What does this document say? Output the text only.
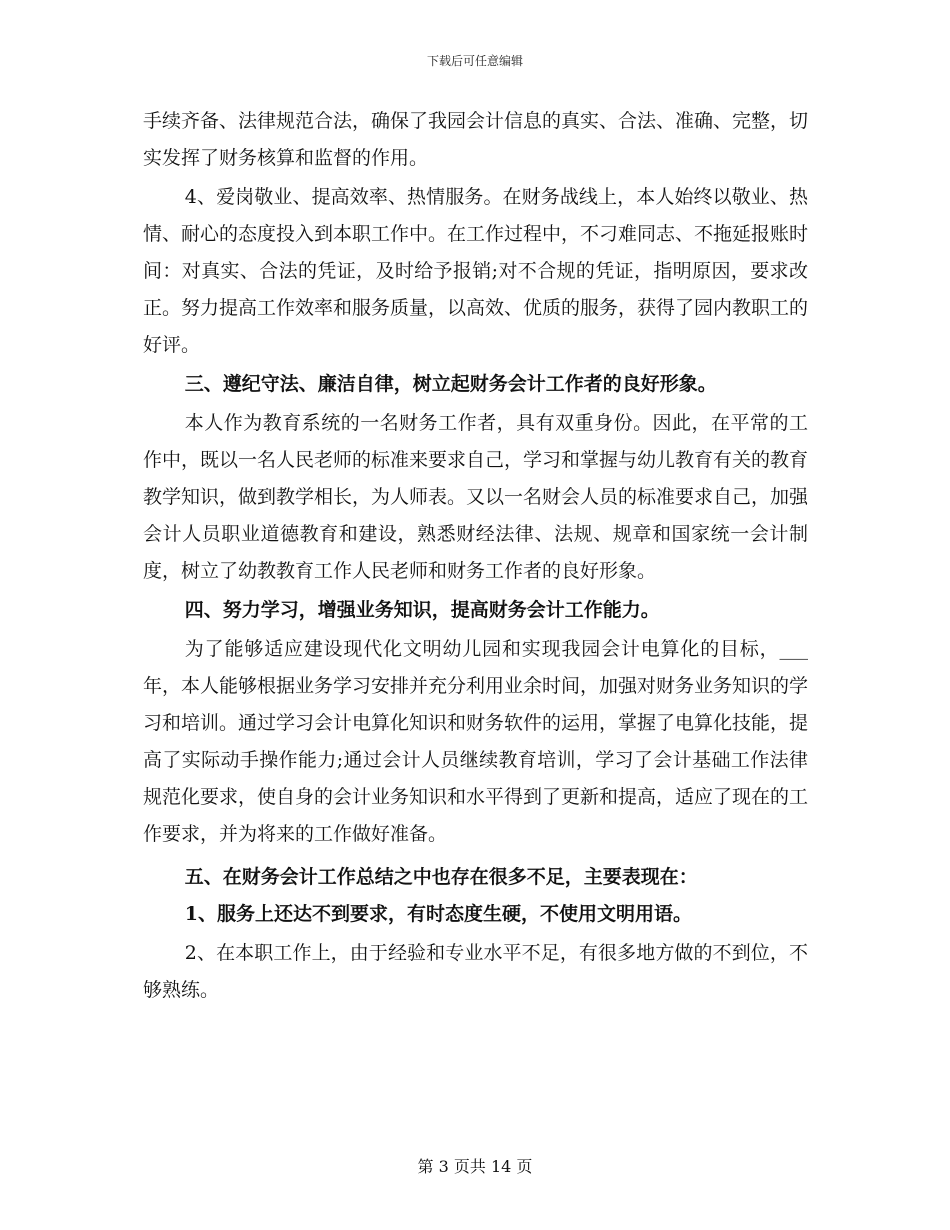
下载后可任意编辑

手续齐备、法律规范合法，确保了我园会计信息的真实、合法、准确、完整，切实发挥了财务核算和监督的作用。

4、爱岗敬业、提高效率、热情服务。在财务战线上，本人始终以敬业、热情、耐心的态度投入到本职工作中。在工作过程中，不刁难同志、不拖延报账时间：对真实、合法的凭证，及时给予报销;对不合规的凭证，指明原因，要求改正。努力提高工作效率和服务质量，以高效、优质的服务，获得了园内教职工的好评。

三、遵纪守法、廉洁自律，树立起财务会计工作者的良好形象。

本人作为教育系统的一名财务工作者，具有双重身份。因此，在平常的工作中，既以一名人民老师的标准来要求自己，学习和掌握与幼儿教育有关的教育教学知识，做到教学相长，为人师表。又以一名财会人员的标准要求自己，加强会计人员职业道德教育和建设，熟悉财经法律、法规、规章和国家统一会计制度，树立了幼教教育工作人民老师和财务工作者的良好形象。

四、努力学习，增强业务知识，提高财务会计工作能力。

为了能够适应建设现代化文明幼儿园和实现我园会计电算化的目标，___年，本人能够根据业务学习安排并充分利用业余时间，加强对财务业务知识的学习和培训。通过学习会计电算化知识和财务软件的运用，掌握了电算化技能，提高了实际动手操作能力;通过会计人员继续教育培训，学习了会计基础工作法律规范化要求，使自身的会计业务知识和水平得到了更新和提高，适应了现在的工作要求，并为将来的工作做好准备。

五、在财务会计工作总结之中也存在很多不足，主要表现在：

1、服务上还达不到要求，有时态度生硬，不使用文明用语。

2、在本职工作上，由于经验和专业水平不足，有很多地方做的不到位，不够熟练。

第 3 页共 14 页
